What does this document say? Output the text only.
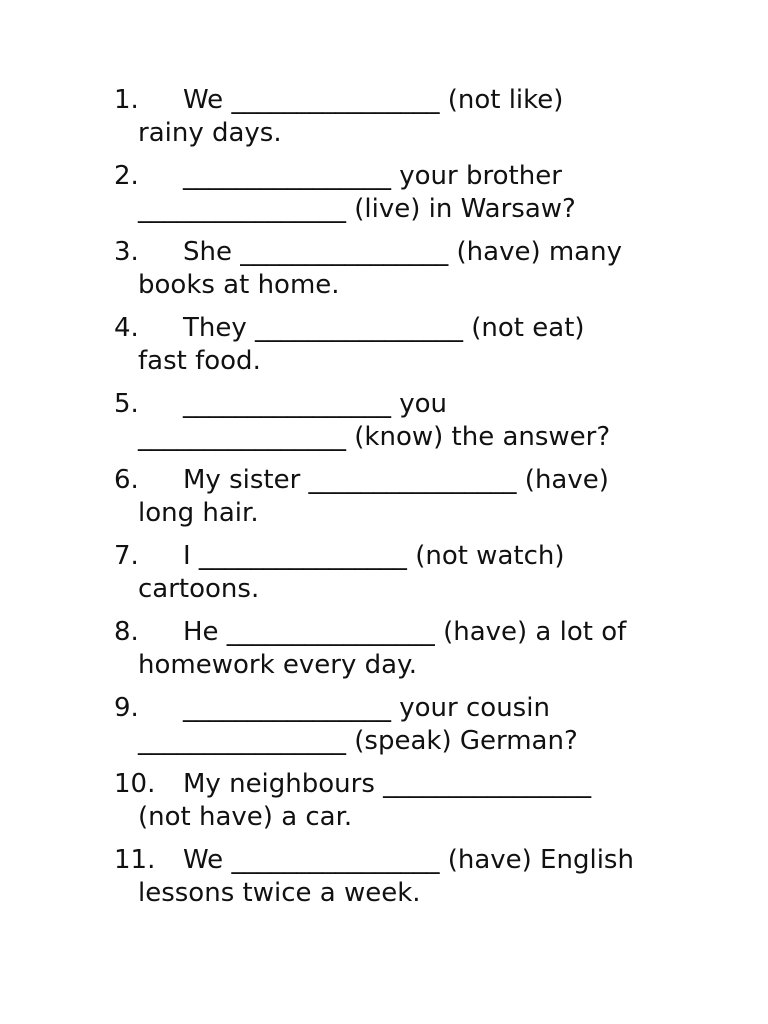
1. We ________________ (not like)
rainy days.
2. ________________ your brother
________________ (live) in Warsaw?
3. She ________________ (have) many
books at home.
4. They ________________ (not eat)
fast food.
5. ________________ you
________________ (know) the answer?
6. My sister ________________ (have)
long hair.
7. I ________________ (not watch)
cartoons.
8. He ________________ (have) a lot of
homework every day.
9. ________________ your cousin
________________ (speak) German?
10. My neighbours ________________
(not have) a car.
11. We ________________ (have) English
lessons twice a week.
